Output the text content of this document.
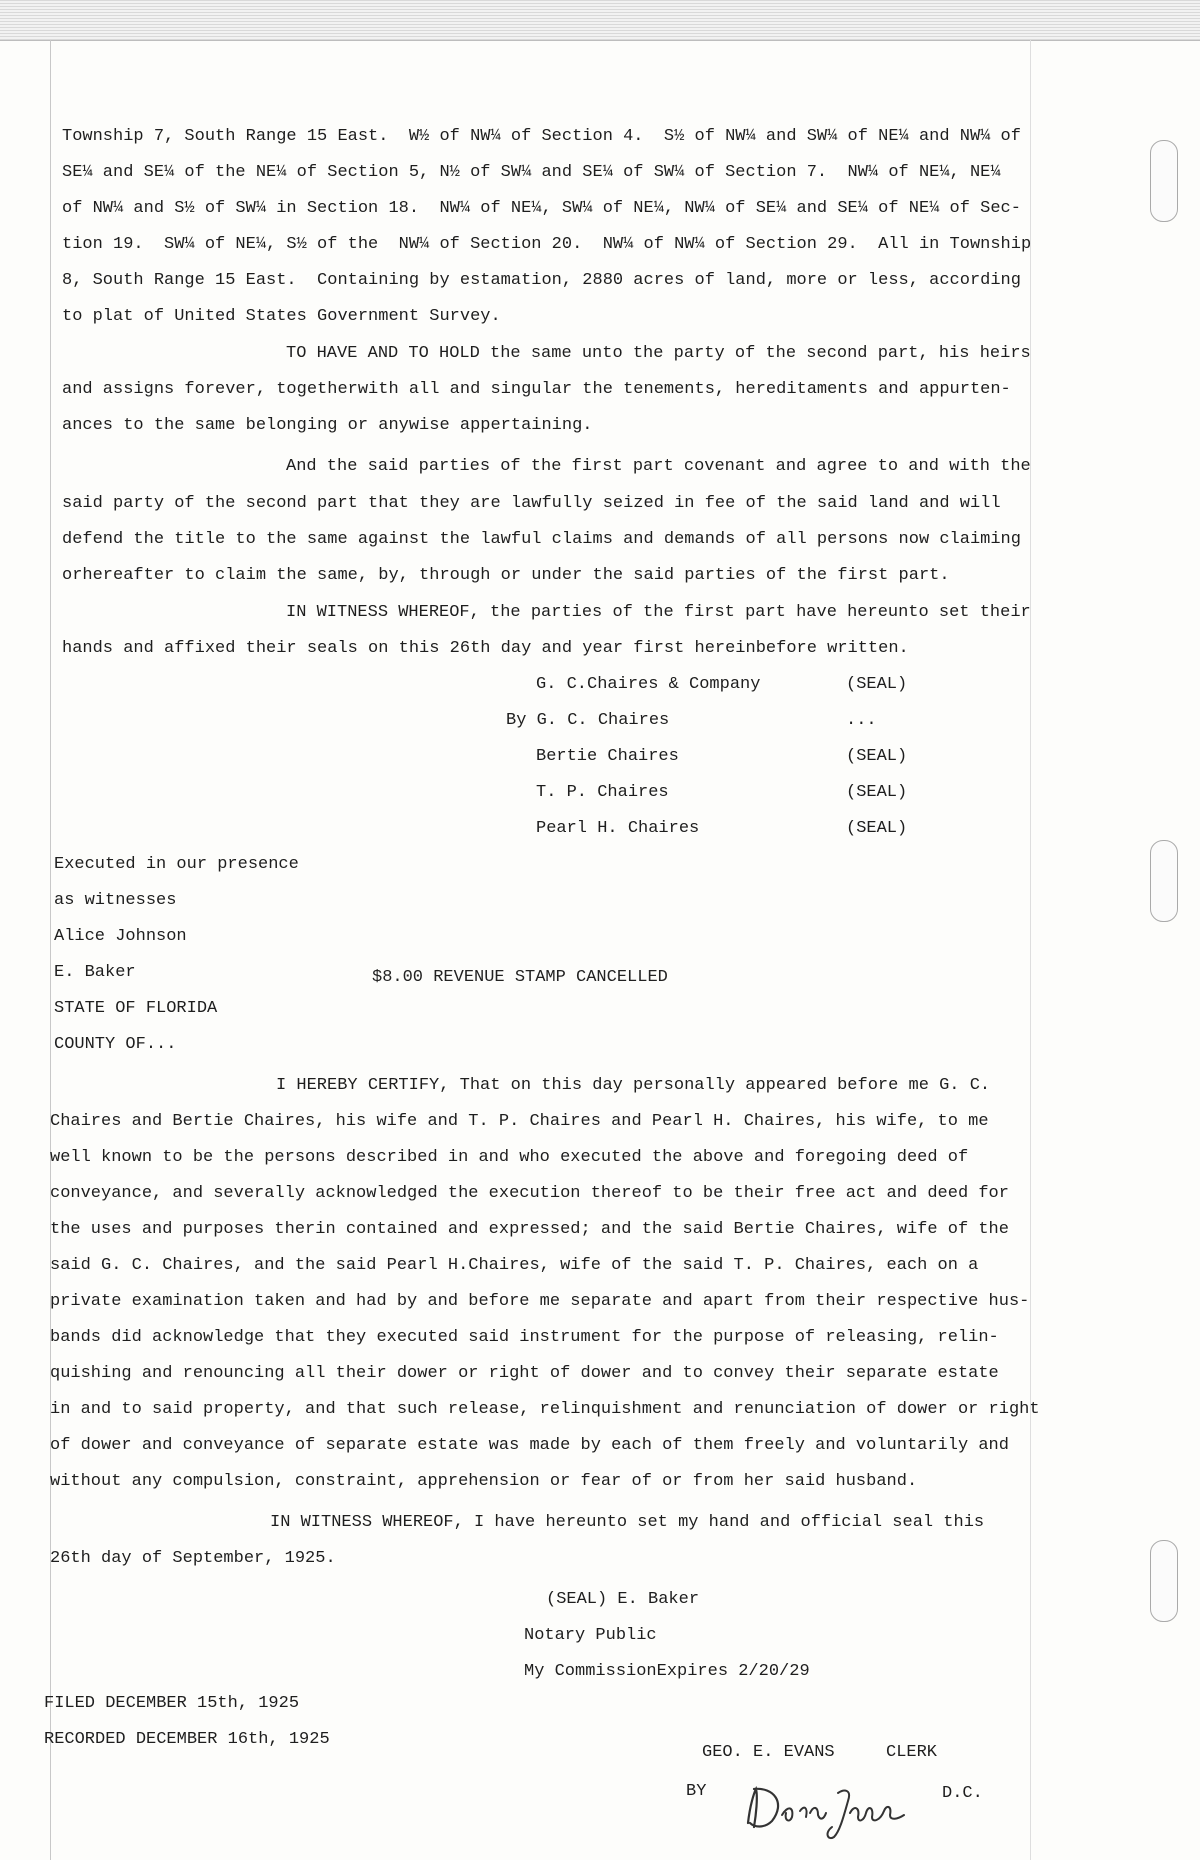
Township 7, South Range 15 East.  W½ of NW¼ of Section 4.  S½ of NW¼ and SW¼ of NE¼ and NW¼ of

SE¼ and SE¼ of the NE¼ of Section 5, N½ of SW¼ and SE¼ of SW¼ of Section 7.  NW¼ of NE¼, NE¼

of NW¼ and S½ of SW¼ in Section 18.  NW¼ of NE¼, SW¼ of NE¼, NW¼ of SE¼ and SE¼ of NE¼ of Sec-

tion 19.  SW¼ of NE¼, S½ of the  NW¼ of Section 20.  NW¼ of NW¼ of Section 29.  All in Township

8, South Range 15 East.  Containing by estamation, 2880 acres of land, more or less, according

to plat of United States Government Survey.

TO HAVE AND TO HOLD the same unto the party of the second part, his heirs

and assigns forever, togetherwith all and singular the tenements, hereditaments and appurten-

ances to the same belonging or anywise appertaining.

And the said parties of the first part covenant and agree to and with the

said party of the second part that they are lawfully seized in fee of the said land and will

defend the title to the same against the lawful claims and demands of all persons now claiming

orhereafter to claim the same, by, through or under the said parties of the first part.

IN WITNESS WHEREOF, the parties of the first part have hereunto set their

hands and affixed their seals on this 26th day and year first hereinbefore written.

G. C.Chaires & Company	(SEAL)

By G. C. Chaires	...

Bertie Chaires	(SEAL)

T. P. Chaires	(SEAL)

Pearl H. Chaires	(SEAL)

Executed in our presence

as witnesses

Alice Johnson

E. Baker	$8.00 REVENUE STAMP CANCELLED

STATE OF FLORIDA

COUNTY OF...

I HEREBY CERTIFY, That on this day personally appeared before me G. C.

Chaires and Bertie Chaires, his wife and T. P. Chaires and Pearl H. Chaires, his wife, to me

well known to be the persons described in and who executed the above and foregoing deed of

conveyance, and severally acknowledged the execution thereof to be their free act and deed for

the uses and purposes therin contained and expressed; and the said Bertie Chaires, wife of the

said G. C. Chaires, and the said Pearl H.Chaires, wife of the said T. P. Chaires, each on a

private examination taken and had by and before me separate and apart from their respective hus-

bands did acknowledge that they executed said instrument for the purpose of releasing, relin-

quishing and renouncing all their dower or right of dower and to convey their separate estate

in and to said property, and that such release, relinquishment and renunciation of dower or right

of dower and conveyance of separate estate was made by each of them freely and voluntarily and

without any compulsion, constraint, apprehension or fear of or from her said husband.

IN WITNESS WHEREOF, I have hereunto set my hand and official seal this

26th day of September, 1925.

(SEAL) E. Baker

Notary Public

My CommissionExpires 2/20/29

FILED DECEMBER 15th, 1925

RECORDED DECEMBER 16th, 1925

GEO. E. EVANS	CLERK

BY	D.C.
